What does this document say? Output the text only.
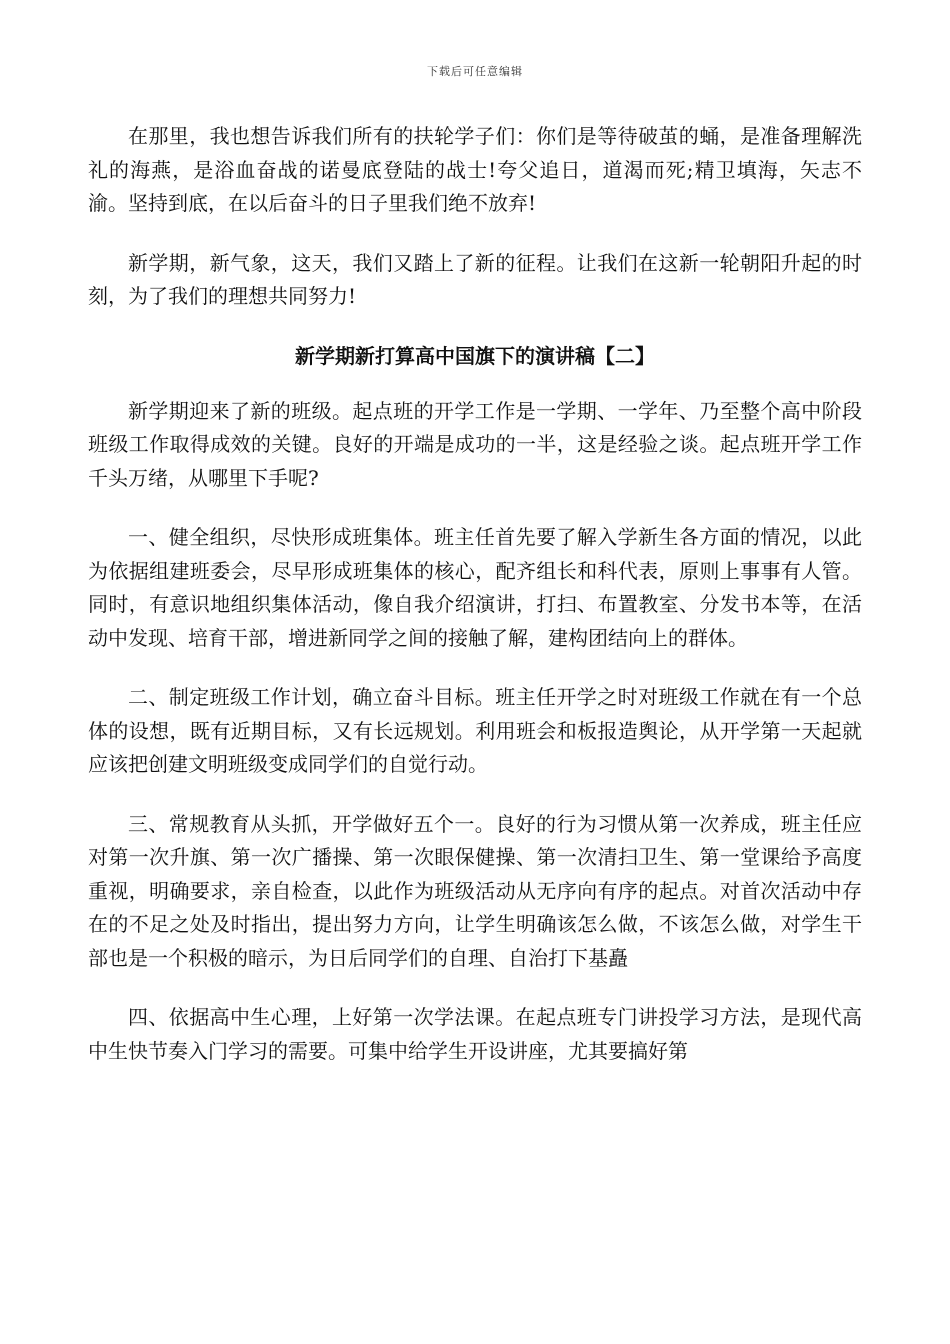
下载后可任意编辑

在那里，我也想告诉我们所有的扶轮学子们：你们是等待破茧的蛹，是准备理解洗礼的海燕，是浴血奋战的诺曼底登陆的战士!夸父追日，道渴而死;精卫填海，矢志不渝。坚持到底，在以后奋斗的日子里我们绝不放弃!

新学期，新气象，这天，我们又踏上了新的征程。让我们在这新一轮朝阳升起的时刻，为了我们的理想共同努力!

新学期新打算高中国旗下的演讲稿【二】

新学期迎来了新的班级。起点班的开学工作是一学期、一学年、乃至整个高中阶段班级工作取得成效的关键。良好的开端是成功的一半，这是经验之谈。起点班开学工作千头万绪，从哪里下手呢?

一、健全组织，尽快形成班集体。班主任首先要了解入学新生各方面的情况，以此为依据组建班委会，尽早形成班集体的核心，配齐组长和科代表，原则上事事有人管。同时，有意识地组织集体活动，像自我介绍演讲，打扫、布置教室、分发书本等，在活动中发现、培育干部，增进新同学之间的接触了解，建构团结向上的群体。

二、制定班级工作计划，确立奋斗目标。班主任开学之时对班级工作就在有一个总体的设想，既有近期目标，又有长远规划。利用班会和板报造舆论，从开学第一天起就应该把创建文明班级变成同学们的自觉行动。

三、常规教育从头抓，开学做好五个一。良好的行为习惯从第一次养成，班主任应对第一次升旗、第一次广播操、第一次眼保健操、第一次清扫卫生、第一堂课给予高度重视，明确要求，亲自检查，以此作为班级活动从无序向有序的起点。对首次活动中存在的不足之处及时指出，提出努力方向，让学生明确该怎么做，不该怎么做，对学生干部也是一个积极的暗示，为日后同学们的自理、自治打下基矗

四、依据高中生心理，上好第一次学法课。在起点班专门讲投学习方法，是现代高中生快节奏入门学习的需要。可集中给学生开设讲座，尤其要搞好第
